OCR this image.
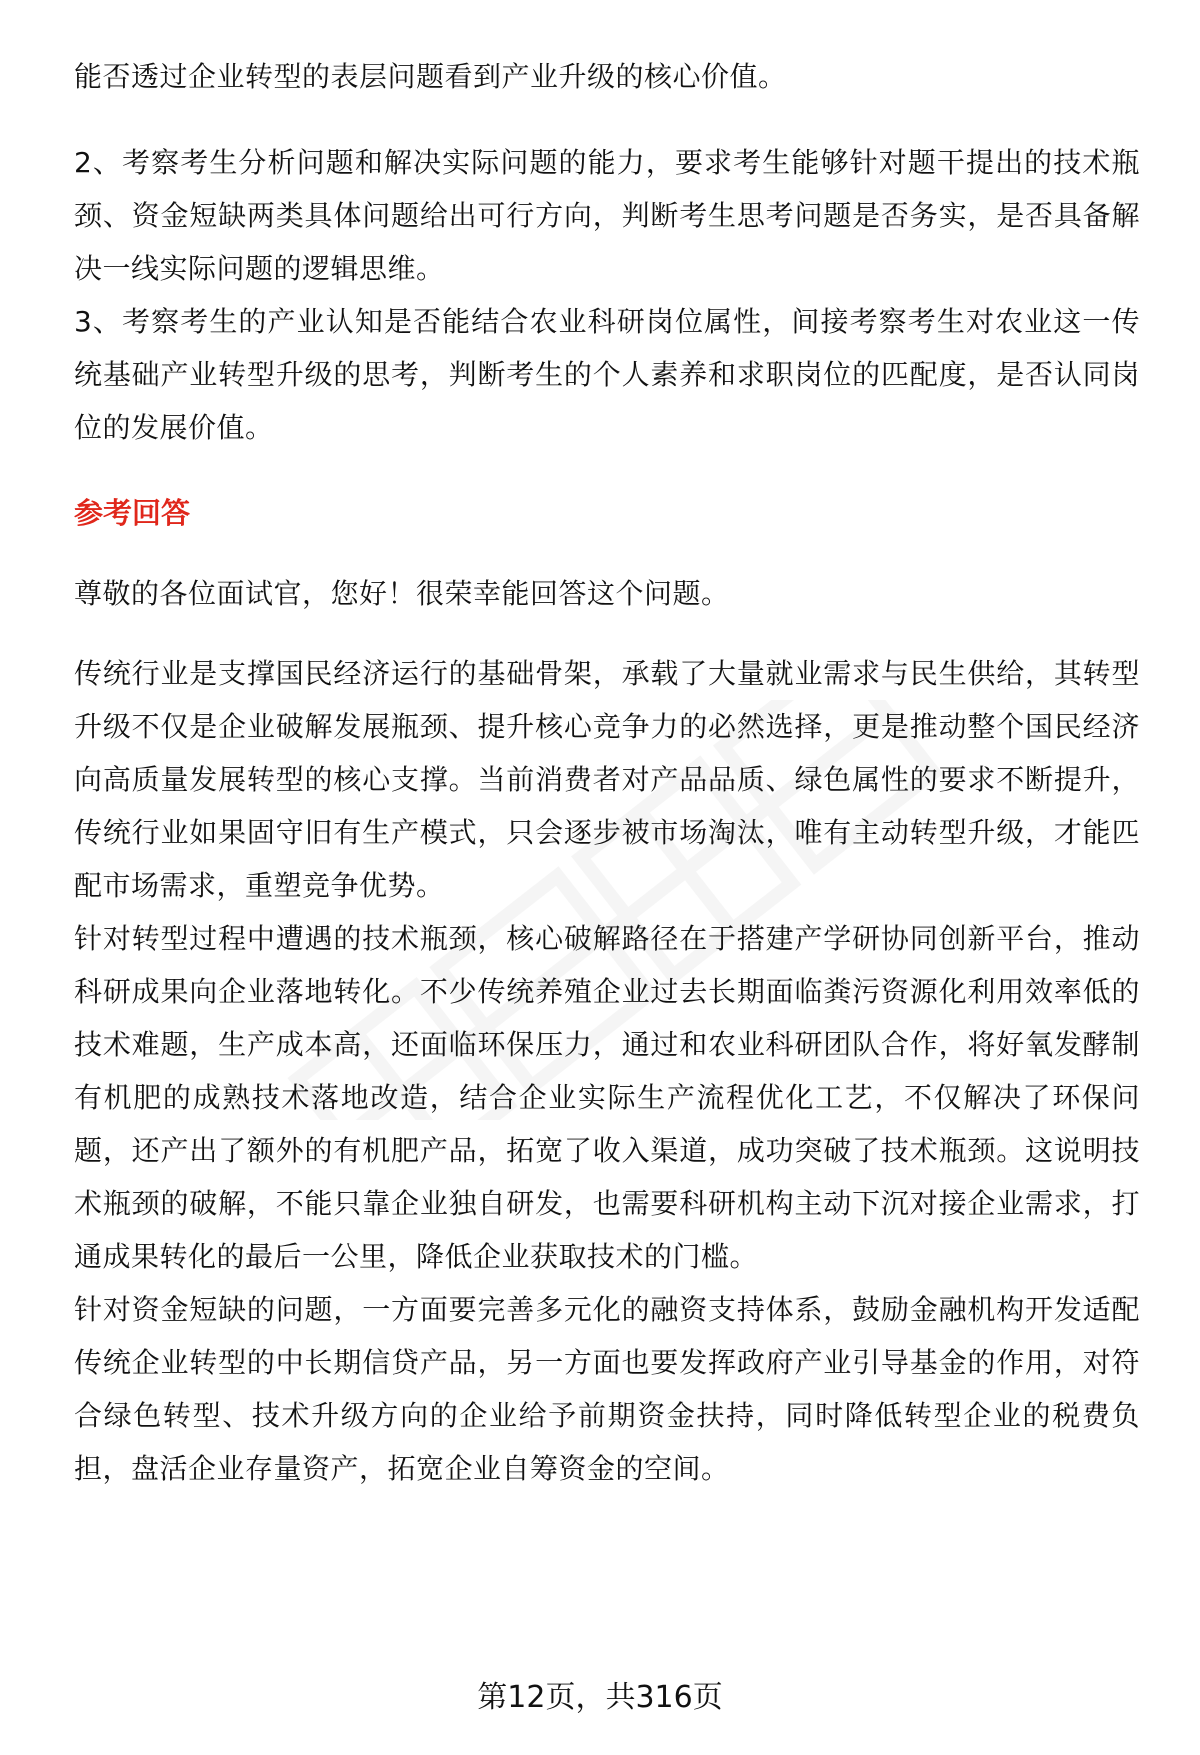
能否透过企业转型的表层问题看到产业升级的核心价值。

2、考察考生分析问题和解决实际问题的能力，要求考生能够针对题干提出的技术瓶颈、资金短缺两类具体问题给出可行方向，判断考生思考问题是否务实，是否具备解决一线实际问题的逻辑思维。

3、考察考生的产业认知是否能结合农业科研岗位属性，间接考察考生对农业这一传统基础产业转型升级的思考，判断考生的个人素养和求职岗位的匹配度，是否认同岗位的发展价值。

参考回答

尊敬的各位面试官，您好！很荣幸能回答这个问题。

传统行业是支撑国民经济运行的基础骨架，承载了大量就业需求与民生供给，其转型升级不仅是企业破解发展瓶颈、提升核心竞争力的必然选择，更是推动整个国民经济向高质量发展转型的核心支撑。当前消费者对产品品质、绿色属性的要求不断提升，传统行业如果固守旧有生产模式，只会逐步被市场淘汰，唯有主动转型升级，才能匹配市场需求，重塑竞争优势。

针对转型过程中遭遇的技术瓶颈，核心破解路径在于搭建产学研协同创新平台，推动科研成果向企业落地转化。不少传统养殖企业过去长期面临粪污资源化利用效率低的技术难题，生产成本高，还面临环保压力，通过和农业科研团队合作，将好氧发酵制有机肥的成熟技术落地改造，结合企业实际生产流程优化工艺，不仅解决了环保问题，还产出了额外的有机肥产品，拓宽了收入渠道，成功突破了技术瓶颈。这说明技术瓶颈的破解，不能只靠企业独自研发，也需要科研机构主动下沉对接企业需求，打通成果转化的最后一公里，降低企业获取技术的门槛。

针对资金短缺的问题，一方面要完善多元化的融资支持体系，鼓励金融机构开发适配传统企业转型的中长期信贷产品，另一方面也要发挥政府产业引导基金的作用，对符合绿色转型、技术升级方向的企业给予前期资金扶持，同时降低转型企业的税费负担，盘活企业存量资产，拓宽企业自筹资金的空间。

第12页，共316页
